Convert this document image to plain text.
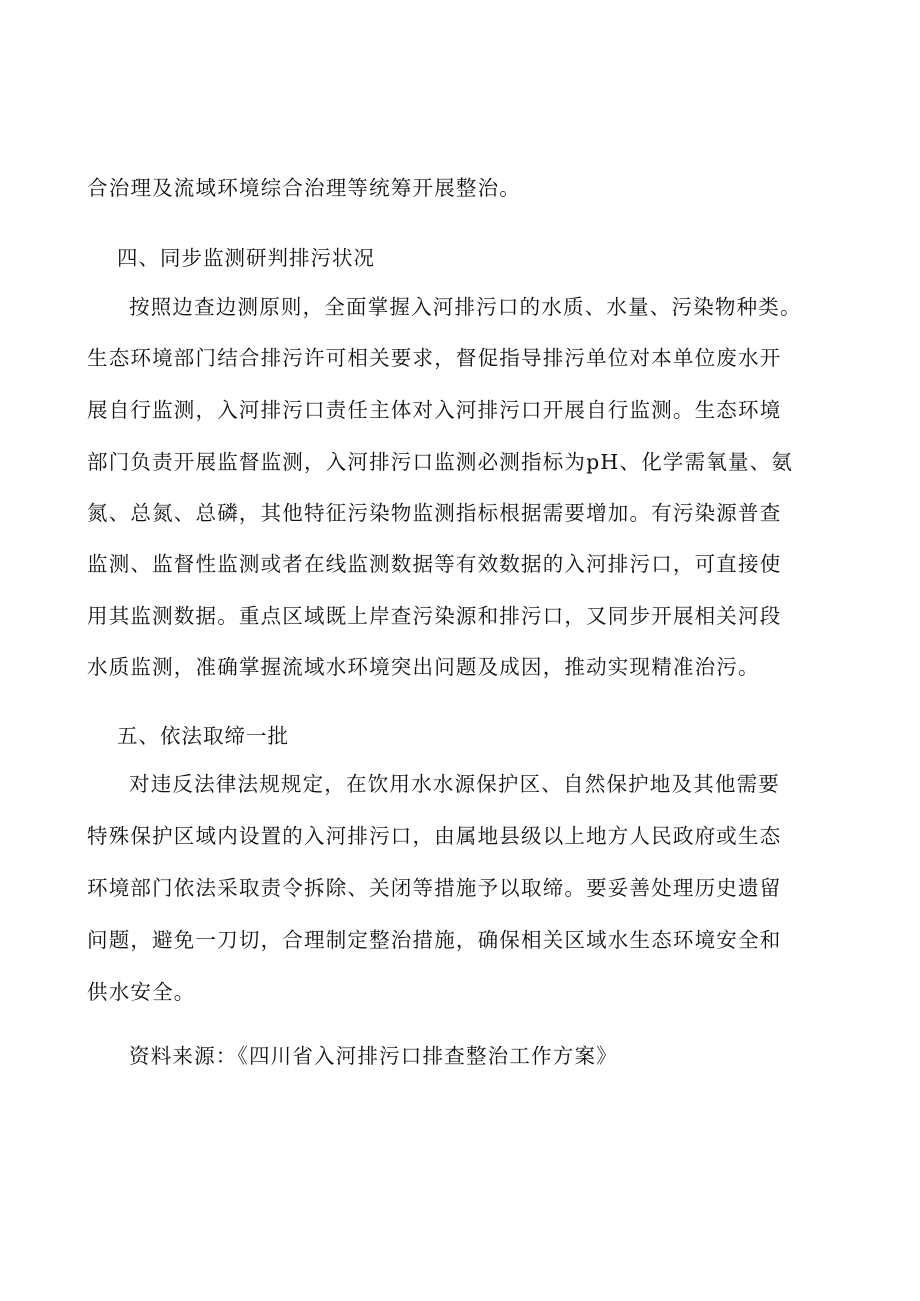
合治理及流域环境综合治理等统筹开展整治。
四、同步监测研判排污状况
按照边查边测原则，全面掌握入河排污口的水质、水量、污染物种类。
生态环境部门结合排污许可相关要求，督促指导排污单位对本单位废水开
展自行监测，入河排污口责任主体对入河排污口开展自行监测。生态环境
部门负责开展监督监测，入河排污口监测必测指标为pH、化学需氧量、氨
氮、总氮、总磷，其他特征污染物监测指标根据需要增加。有污染源普查
监测、监督性监测或者在线监测数据等有效数据的入河排污口，可直接使
用其监测数据。重点区域既上岸查污染源和排污口，又同步开展相关河段
水质监测，准确掌握流域水环境突出问题及成因，推动实现精准治污。
五、依法取缔一批
对违反法律法规规定，在饮用水水源保护区、自然保护地及其他需要
特殊保护区域内设置的入河排污口，由属地县级以上地方人民政府或生态
环境部门依法采取责令拆除、关闭等措施予以取缔。要妥善处理历史遗留
问题，避免一刀切，合理制定整治措施，确保相关区域水生态环境安全和
供水安全。
资料来源：《四川省入河排污口排查整治工作方案》
